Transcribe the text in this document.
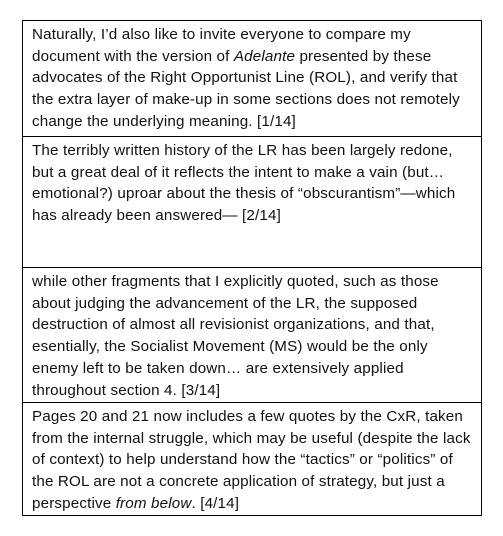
Naturally, I’d also like to invite everyone to compare my document with the version of Adelante presented by these advocates of the Right Opportunist Line (ROL), and verify that the extra layer of make-up in some sections does not remotely change the underlying meaning. [1/14]
The terribly written history of the LR has been largely redone, but a great deal of it reflects the intent to make a vain (but… emotional?) uproar about the thesis of “obscurantism”—which has already been answered— [2/14]
while other fragments that I explicitly quoted, such as those about judging the advancement of the LR, the supposed destruction of almost all revisionist organizations, and that, esentially, the Socialist Movement (MS) would be the only enemy left to be taken down… are extensively applied throughout section 4. [3/14]
Pages 20 and 21 now includes a few quotes by the CxR, taken from the internal struggle, which may be useful (despite the lack of context) to help understand how the “tactics” or “politics” of the ROL are not a concrete application of strategy, but just a perspective from below. [4/14]
